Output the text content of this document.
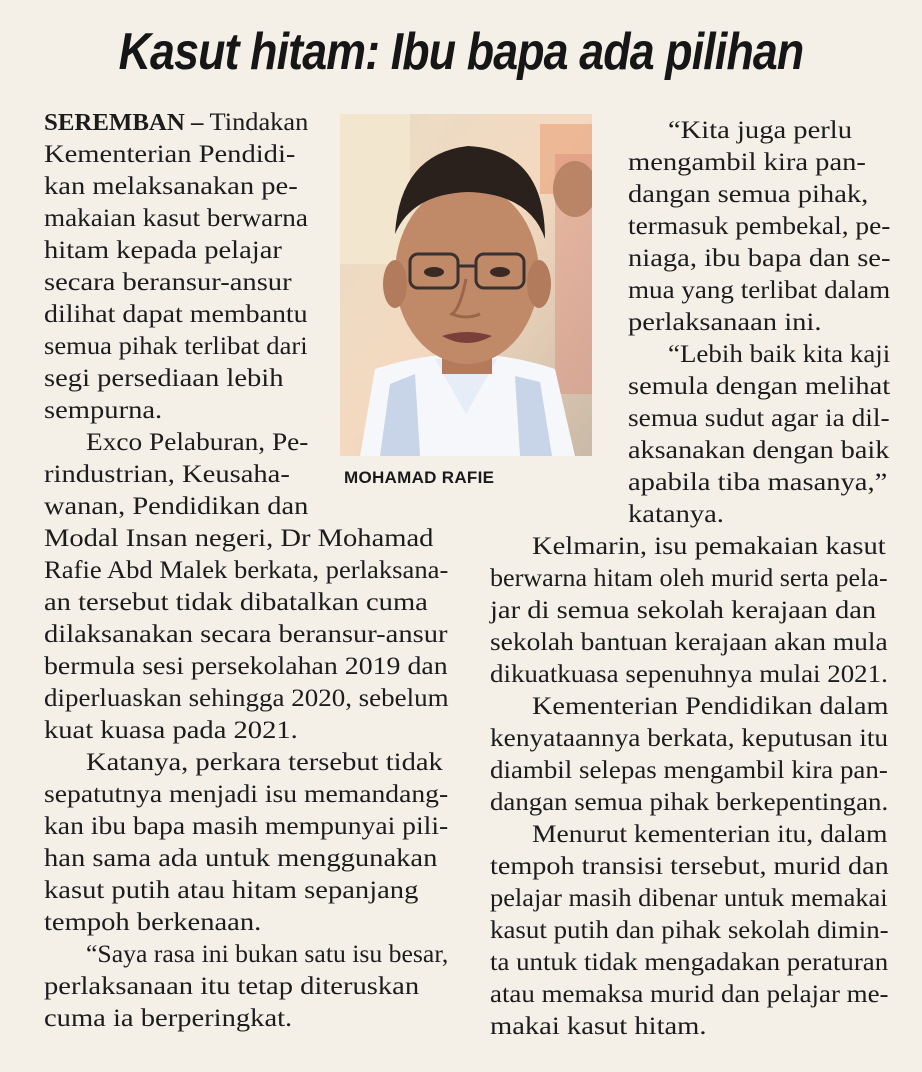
Kasut hitam: Ibu bapa ada pilihan
MOHAMAD RAFIE
SEREMBAN – Tindakan
Kementerian Pendidi-
kan melaksanakan pe-
makaian kasut berwarna
hitam kepada pelajar
secara beransur-ansur
dilihat dapat membantu
semua pihak terlibat dari
segi persediaan lebih
sempurna.
Exco Pelaburan, Pe-
rindustrian, Keusaha-
wanan, Pendidikan dan
Modal Insan negeri, Dr Mohamad
Rafie Abd Malek berkata, perlaksana-
an tersebut tidak dibatalkan cuma
dilaksanakan secara beransur-ansur
bermula sesi persekolahan 2019 dan
diperluaskan sehingga 2020, sebelum
kuat kuasa pada 2021.
Katanya, perkara tersebut tidak
sepatutnya menjadi isu memandang-
kan ibu bapa masih mempunyai pili-
han sama ada untuk menggunakan
kasut putih atau hitam sepanjang
tempoh berkenaan.
“Saya rasa ini bukan satu isu besar,
perlaksanaan itu tetap diteruskan
cuma ia berperingkat.
“Kita juga perlu
mengambil kira pan-
dangan semua pihak,
termasuk pembekal, pe-
niaga, ibu bapa dan se-
mua yang terlibat dalam
perlaksanaan ini.
“Lebih baik kita kaji
semula dengan melihat
semua sudut agar ia dil-
aksanakan dengan baik
apabila tiba masanya,”
katanya.
Kelmarin, isu pemakaian kasut
berwarna hitam oleh murid serta pela-
jar di semua sekolah kerajaan dan
sekolah bantuan kerajaan akan mula
dikuatkuasa sepenuhnya mulai 2021.
Kementerian Pendidikan dalam
kenyataannya berkata, keputusan itu
diambil selepas mengambil kira pan-
dangan semua pihak berkepentingan.
Menurut kementerian itu, dalam
tempoh transisi tersebut, murid dan
pelajar masih dibenar untuk memakai
kasut putih dan pihak sekolah dimin-
ta untuk tidak mengadakan peraturan
atau memaksa murid dan pelajar me-
makai kasut hitam.
